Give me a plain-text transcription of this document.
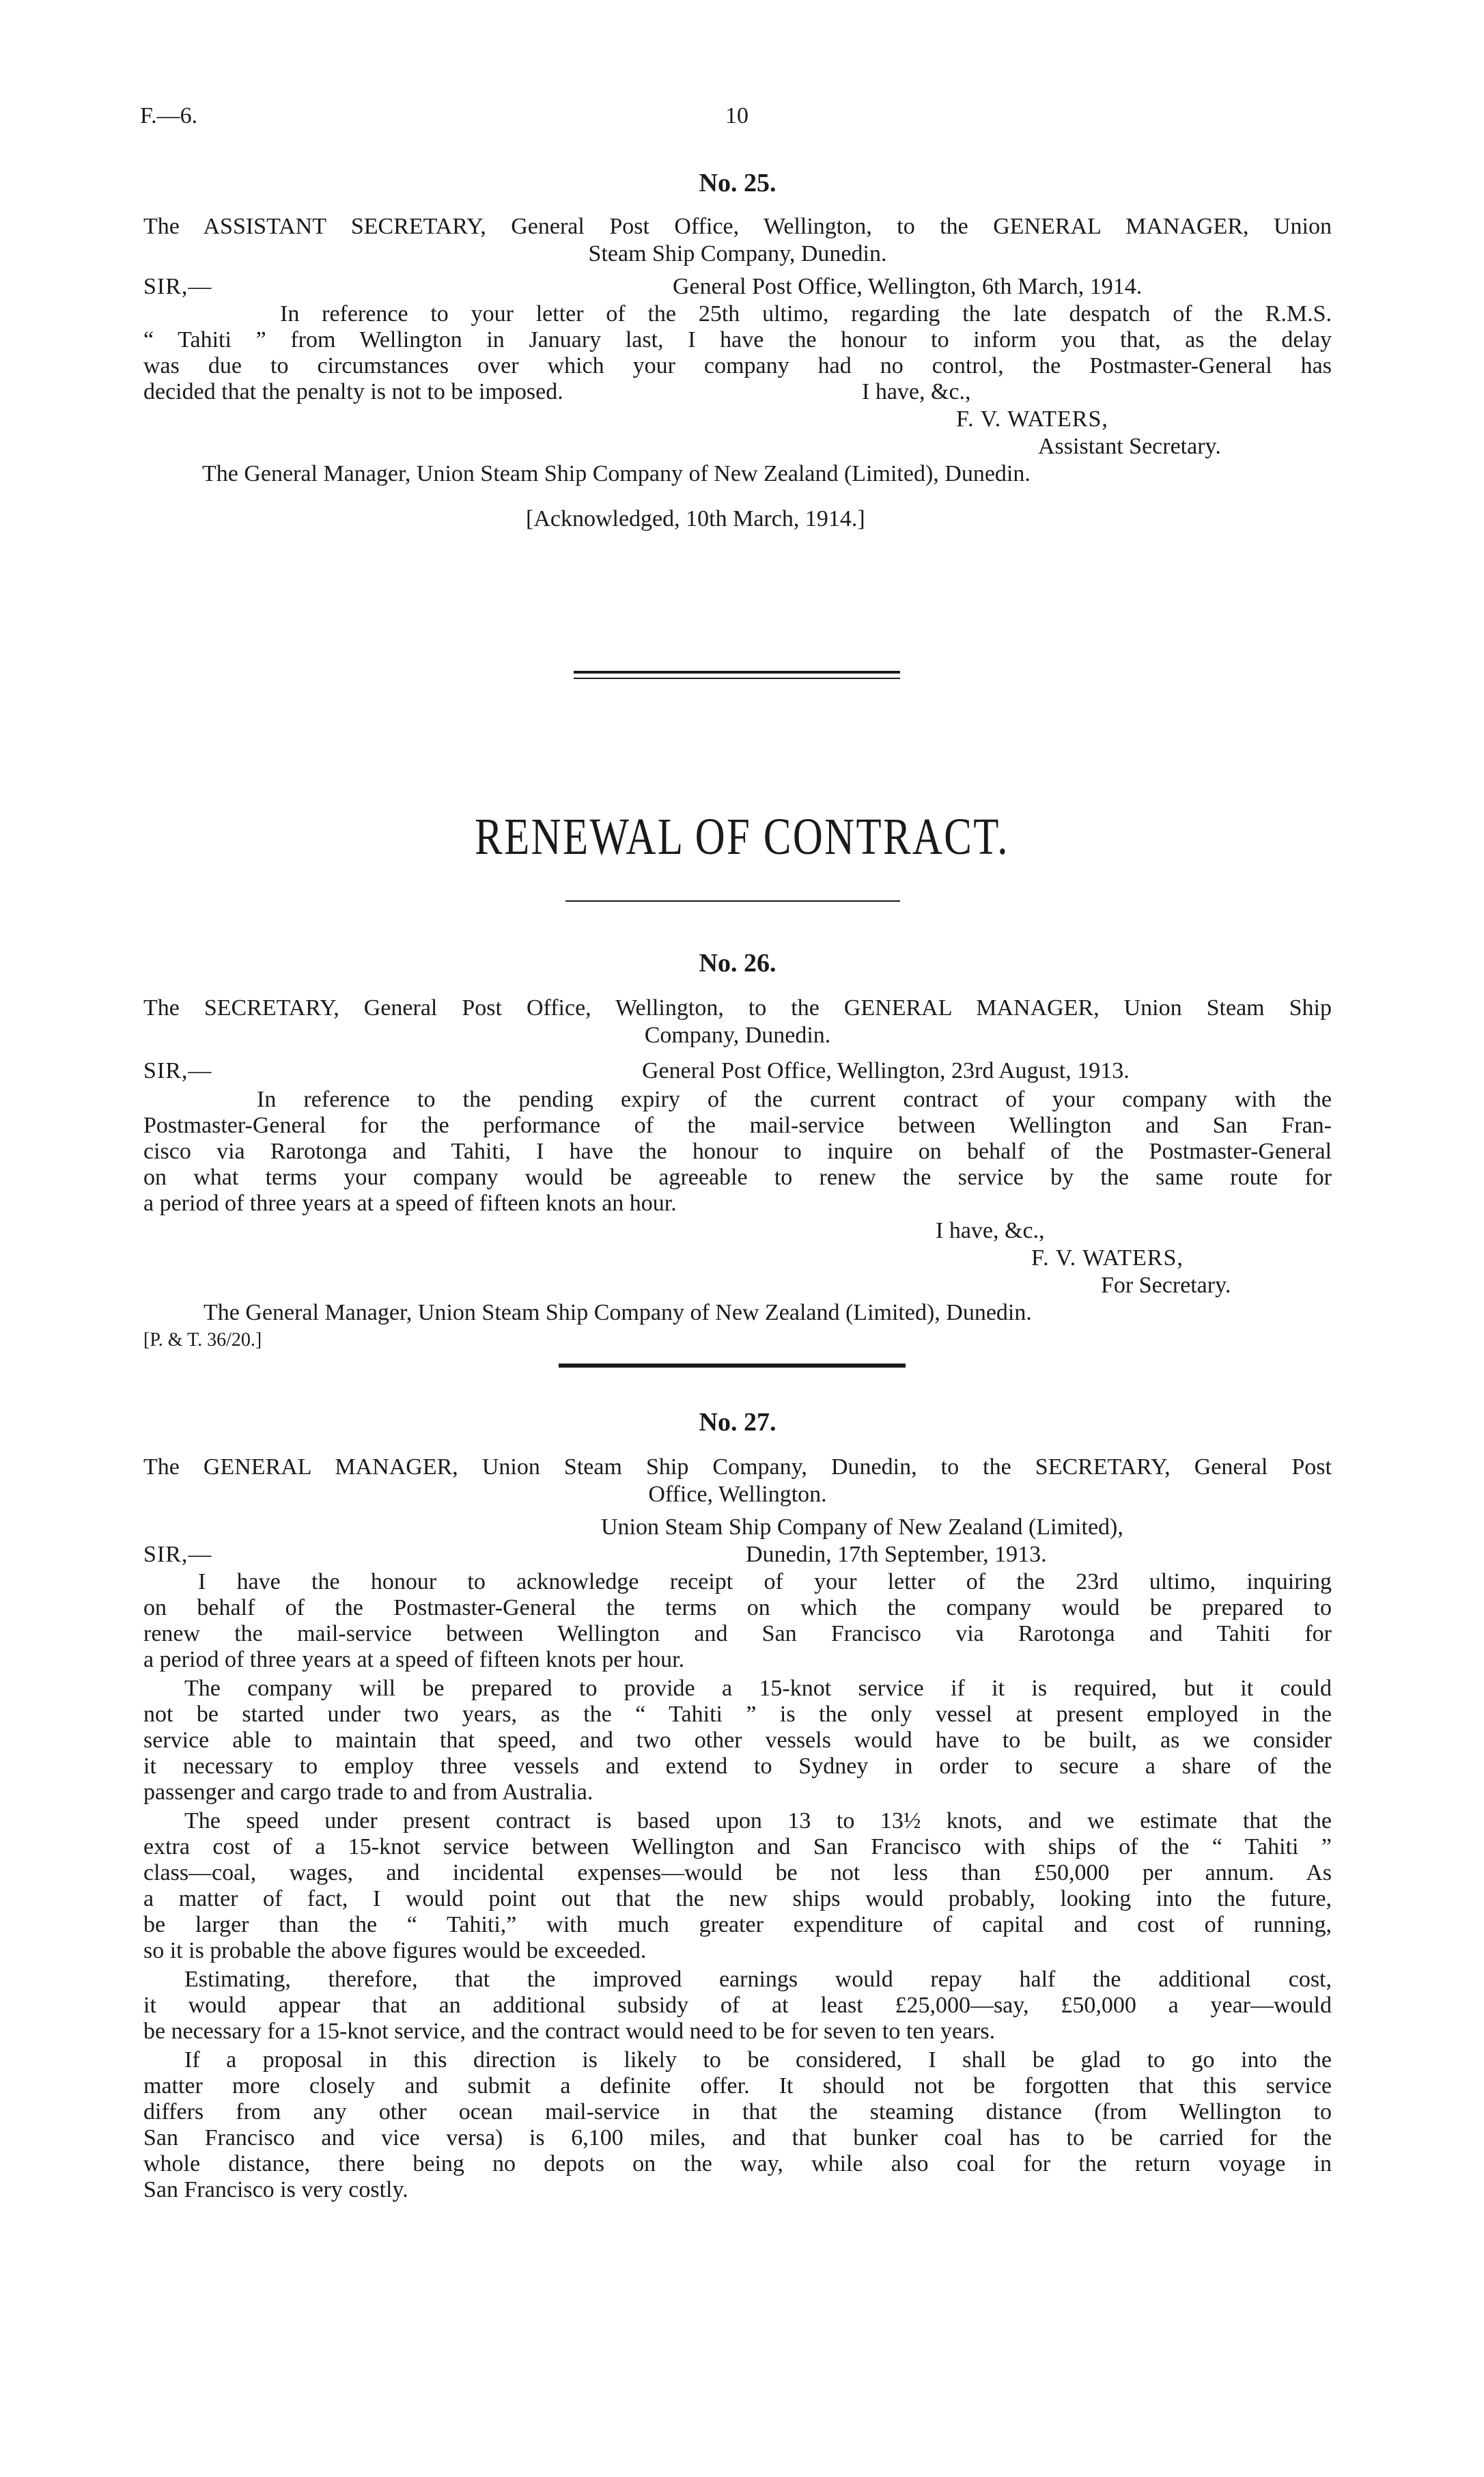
F.—6.	10
No. 25.
The ASSISTANT SECRETARY, General Post Office, Wellington, to the GENERAL MANAGER, Union
Steam Ship Company, Dunedin.
SIR,—	General Post Office, Wellington, 6th March, 1914.
In reference to your letter of the 25th ultimo, regarding the late despatch of the R.M.S.
“ Tahiti ” from Wellington in January last, I have the honour to inform you that, as the delay
was due to circumstances over which your company had no control, the Postmaster-General has
decided that the penalty is not to be imposed.	I have, &c.,
F. V. WATERS,
Assistant Secretary.
The General Manager, Union Steam Ship Company of New Zealand (Limited), Dunedin.
[Acknowledged, 10th March, 1914.]
RENEWAL OF CONTRACT.
No. 26.
The SECRETARY, General Post Office, Wellington, to the GENERAL MANAGER, Union Steam Ship
Company, Dunedin.
SIR,—	General Post Office, Wellington, 23rd August, 1913.
In reference to the pending expiry of the current contract of your company with the
Postmaster-General for the performance of the mail-service between Wellington and San Fran-
cisco via Rarotonga and Tahiti, I have the honour to inquire on behalf of the Postmaster-General
on what terms your company would be agreeable to renew the service by the same route for
a period of three years at a speed of fifteen knots an hour.
I have, &c.,
F. V. WATERS,
For Secretary.
The General Manager, Union Steam Ship Company of New Zealand (Limited), Dunedin.
[P. & T. 36/20.]
No. 27.
The GENERAL MANAGER, Union Steam Ship Company, Dunedin, to the SECRETARY, General Post
Office, Wellington.
Union Steam Ship Company of New Zealand (Limited),
SIR,—	Dunedin, 17th September, 1913.
I have the honour to acknowledge receipt of your letter of the 23rd ultimo, inquiring
on behalf of the Postmaster-General the terms on which the company would be prepared to
renew the mail-service between Wellington and San Francisco via Rarotonga and Tahiti for
a period of three years at a speed of fifteen knots per hour.
The company will be prepared to provide a 15-knot service if it is required, but it could
not be started under two years, as the “ Tahiti ” is the only vessel at present employed in the
service able to maintain that speed, and two other vessels would have to be built, as we consider
it necessary to employ three vessels and extend to Sydney in order to secure a share of the
passenger and cargo trade to and from Australia.
The speed under present contract is based upon 13 to 13½ knots, and we estimate that the
extra cost of a 15-knot service between Wellington and San Francisco with ships of the “ Tahiti ”
class—coal, wages, and incidental expenses—would be not less than £50,000 per annum. As
a matter of fact, I would point out that the new ships would probably, looking into the future,
be larger than the “ Tahiti,” with much greater expenditure of capital and cost of running,
so it is probable the above figures would be exceeded.
Estimating, therefore, that the improved earnings would repay half the additional cost,
it would appear that an additional subsidy of at least £25,000—say, £50,000 a year—would
be necessary for a 15-knot service, and the contract would need to be for seven to ten years.
If a proposal in this direction is likely to be considered, I shall be glad to go into the
matter more closely and submit a definite offer. It should not be forgotten that this service
differs from any other ocean mail-service in that the steaming distance (from Wellington to
San Francisco and vice versa) is 6,100 miles, and that bunker coal has to be carried for the
whole distance, there being no depots on the way, while also coal for the return voyage in
San Francisco is very costly.
